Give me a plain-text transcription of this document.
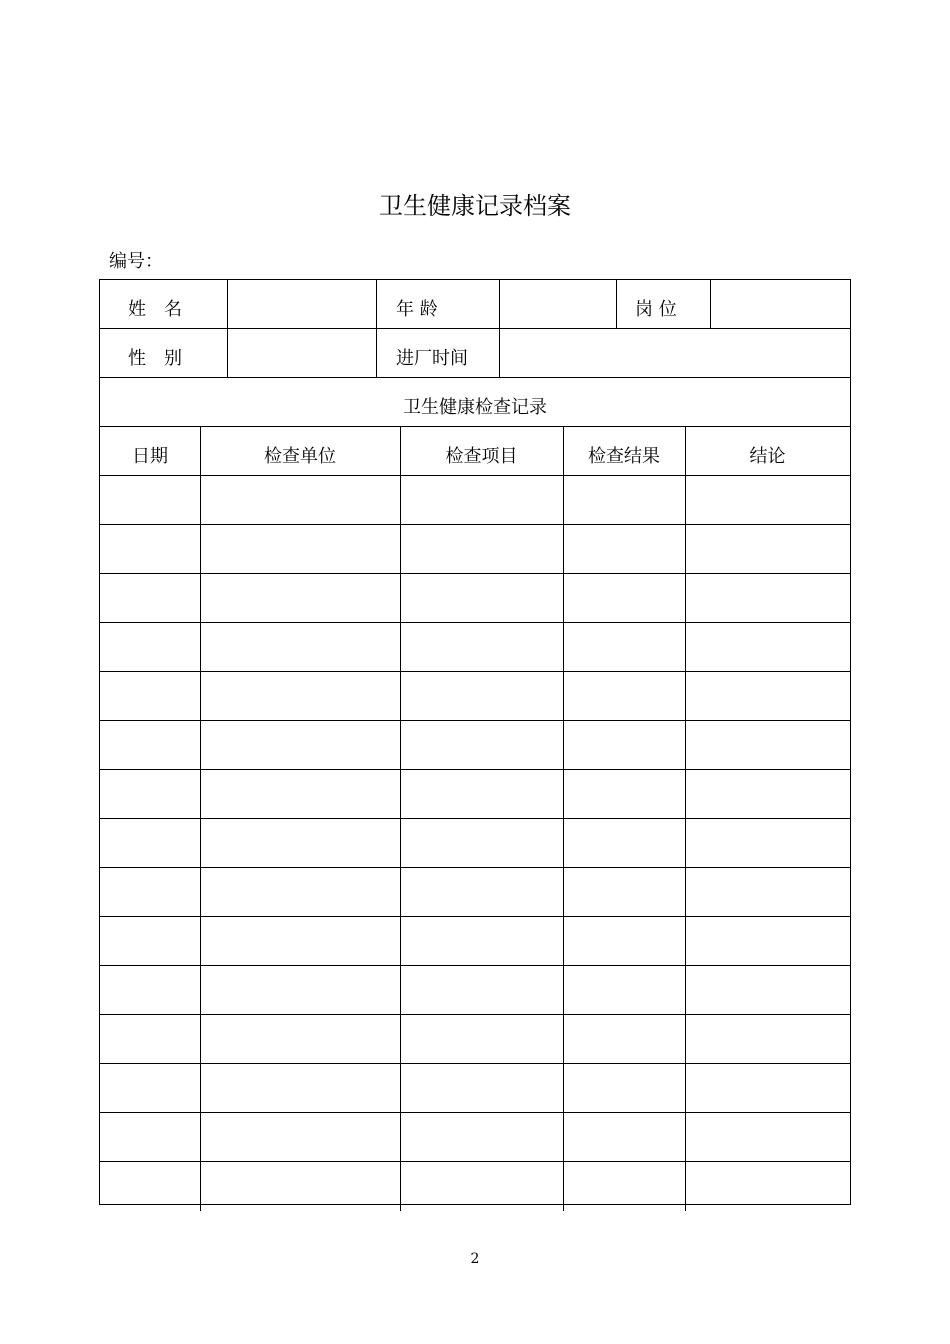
卫生健康记录档案
编号：
姓　名	年 龄	岗 位
性　别	进厂时间
卫生健康检查记录
日期	检查单位	检查项目	检查结果	结论
2
